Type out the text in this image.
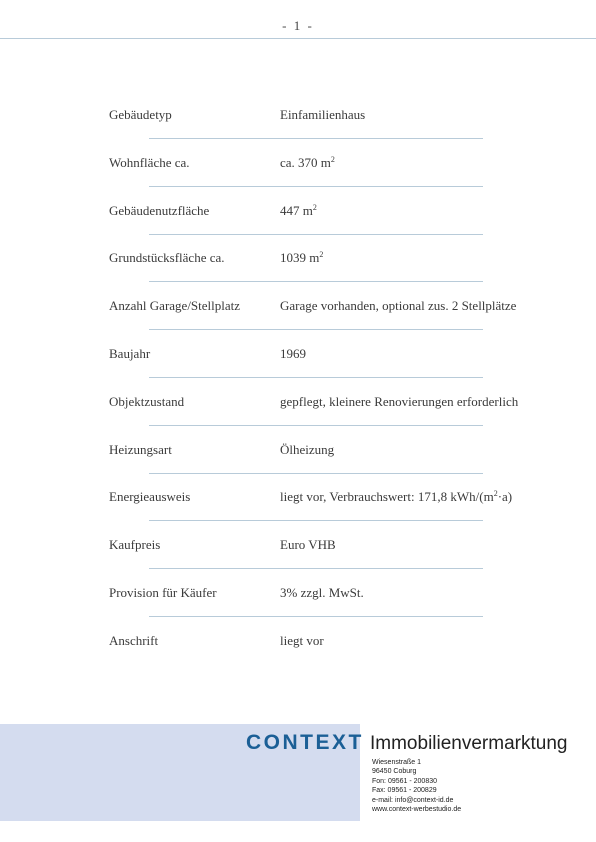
- 1 -
Gebäudetyp	Einfamilienhaus
Wohnfläche ca.	ca. 370 $m^2$
Gebäudenutzfläche	447 $m^2$
Grundstücksfläche ca.	1039 $m^2$
Anzahl Garage/Stellplatz	Garage vorhanden, optional zus. 2 Stellplätze
Baujahr	1969
Objektzustand	gepflegt, kleinere Renovierungen erforderlich
Heizungsart	Ölheizung
Energieausweis	liegt vor, Verbrauchswert: 171,8 kWh/$(m^2\cdot a)$
Kaufpreis	Euro VHB
Provision für Käufer	3% zzgl. MwSt.
Anschrift	liegt vor
CONTEXT Immobilienvermarktung
Wiesenstraße 1
96450 Coburg
Fon: 09561 - 200830
Fax: 09561 - 200829
e-mail: info@context-id.de
www.context-werbestudio.de
